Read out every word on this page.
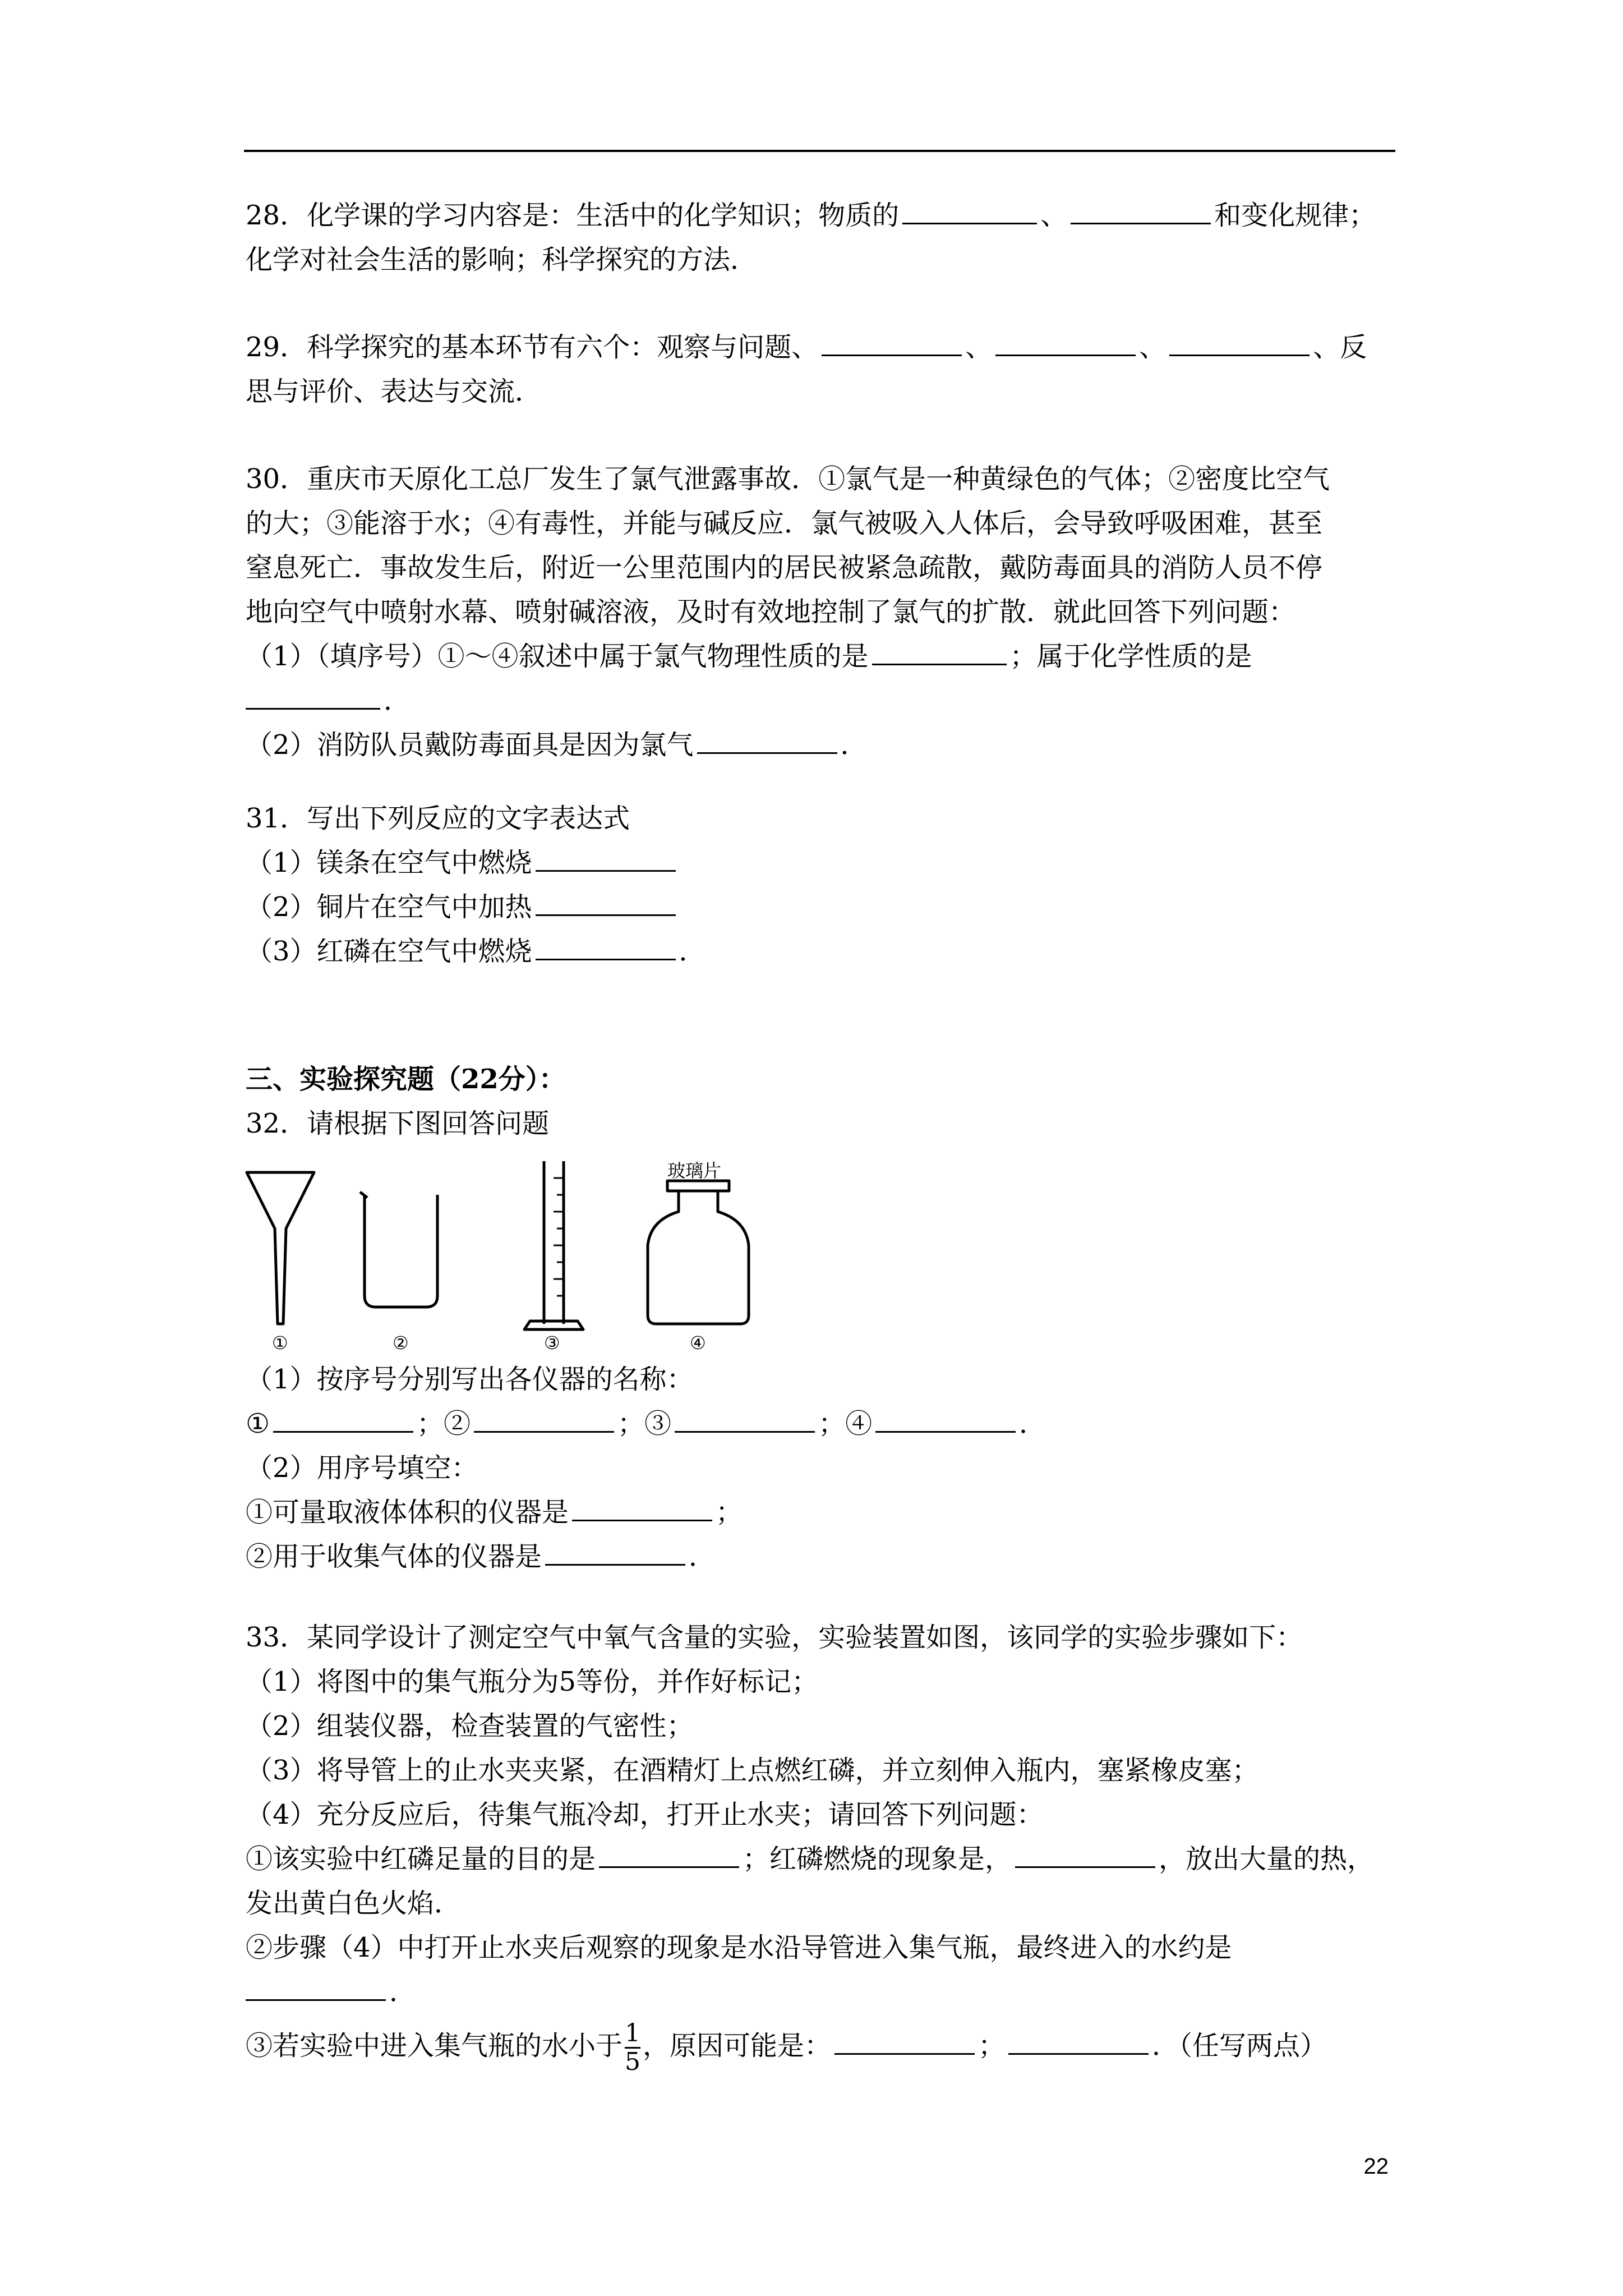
28．化学课的学习内容是：生活中的化学知识；物质的	、	和变化规律；
化学对社会生活的影响；科学探究的方法．
29．科学探究的基本环节有六个：观察与问题、	、	、	、反
思与评价、表达与交流．
30．重庆市天原化工总厂发生了氯气泄露事故．①氯气是一种黄绿色的气体；②密度比空气
的大；③能溶于水；④有毒性，并能与碱反应．氯气被吸入人体后，会导致呼吸困难，甚至
窒息死亡．事故发生后，附近一公里范围内的居民被紧急疏散，戴防毒面具的消防人员不停
地向空气中喷射水幕、喷射碱溶液，及时有效地控制了氯气的扩散．就此回答下列问题：
（1）（填序号）①～④叙述中属于氯气物理性质的是	；属于化学性质的是
．
（2）消防队员戴防毒面具是因为氯气	．
31．写出下列反应的文字表达式
（1）镁条在空气中燃烧
（2）铜片在空气中加热
（3）红磷在空气中燃烧	．
三、实验探究题（22分）：
32．请根据下图回答问题
玻璃片
①	②	③	④
（1）按序号分别写出各仪器的名称：
①	；②	；③	；④	．
（2）用序号填空：
①可量取液体体积的仪器是	；
②用于收集气体的仪器是	．
33．某同学设计了测定空气中氧气含量的实验，实验装置如图，该同学的实验步骤如下：
（1）将图中的集气瓶分为5等份，并作好标记；
（2）组装仪器，检查装置的气密性；
（3）将导管上的止水夹夹紧，在酒精灯上点燃红磷，并立刻伸入瓶内，塞紧橡皮塞；
（4）充分反应后，待集气瓶冷却，打开止水夹；请回答下列问题：
①该实验中红磷足量的目的是	；红磷燃烧的现象是，	，放出大量的热，
发出黄白色火焰．
②步骤（4）中打开止水夹后观察的现象是水沿导管进入集气瓶，最终进入的水约是
．
③若实验中进入集气瓶的水小于 $\frac{1}{5}$ ，原因可能是：	；	．（任写两点）
22
